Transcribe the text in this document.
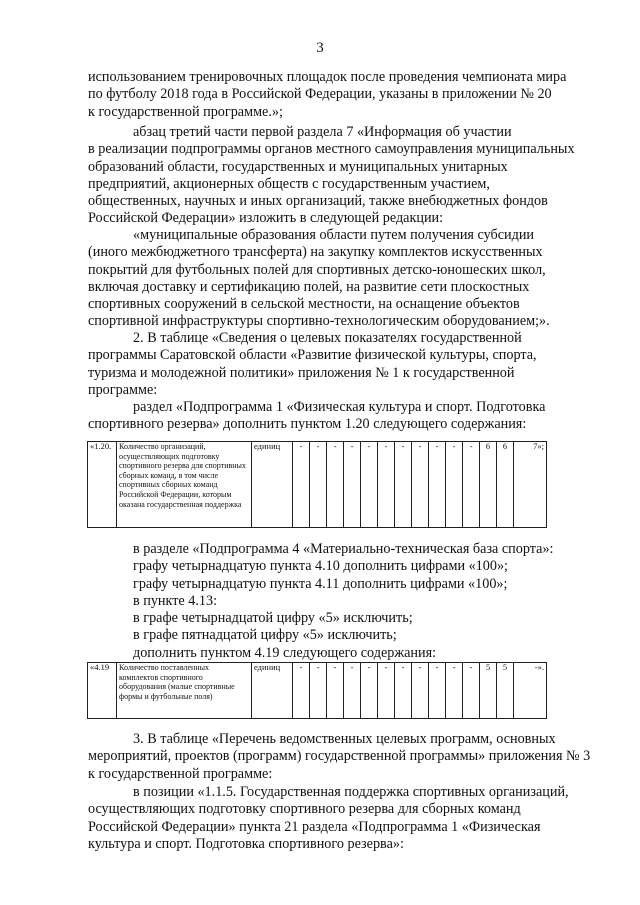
3
использованием тренировочных площадок после проведения чемпионата мира
по футболу 2018 года в Российской Федерации, указаны в приложении № 20
к государственной программе.»;
абзац третий части первой раздела 7 «Информация об участии
в реализации подпрограммы органов местного самоуправления муниципальных
образований области, государственных и муниципальных унитарных
предприятий, акционерных обществ с государственным участием,
общественных, научных и иных организаций, также внебюджетных фондов
Российской Федерации» изложить в следующей редакции:
«муниципальные образования области путем получения субсидии
(иного межбюджетного трансферта) на закупку комплектов искусственных
покрытий для футбольных полей для спортивных детско-юношеских школ,
включая доставку и сертификацию полей, на развитие сети плоскостных
спортивных сооружений в сельской местности, на оснащение объектов
спортивной инфраструктуры спортивно-технологическим оборудованием;».
2. В таблице «Сведения о целевых показателях государственной
программы Саратовской области «Развитие физической культуры, спорта,
туризма и молодежной политики» приложения № 1 к государственной
программе:
раздел «Подпрограмма 1 «Физическая культура и спорт. Подготовка
спортивного резерва» дополнить пунктом 1.20 следующего содержания:
«1.20.	Количество организаций, осуществляющих подготовку спортивного резерва для спортивных сборных команд, в том числе спортивных сборных команд Российской Федерации, которым оказана государственная поддержка	единиц	-	-	-	-	-	-	-	-	-	-	-	6	6	7»;
в разделе «Подпрограмма 4 «Материально-техническая база спорта»:
графу четырнадцатую пункта 4.10 дополнить цифрами «100»;
графу четырнадцатую пункта 4.11 дополнить цифрами «100»;
в пункте 4.13:
в графе четырнадцатой цифру «5» исключить;
в графе пятнадцатой цифру «5» исключить;
дополнить пунктом 4.19 следующего содержания:
«4.19	Количество поставленных комплектов спортивного оборудования (малые спортивные формы и футбольные поля)	единиц	-	-	-	-	-	-	-	-	-	-	-	5	5	-».
3. В таблице «Перечень ведомственных целевых программ, основных
мероприятий, проектов (программ) государственной программы» приложения № 3
к государственной программе:
в позиции «1.1.5. Государственная поддержка спортивных организаций,
осуществляющих подготовку спортивного резерва для сборных команд
Российской Федерации» пункта 21 раздела «Подпрограмма 1 «Физическая
культура и спорт. Подготовка спортивного резерва»:
